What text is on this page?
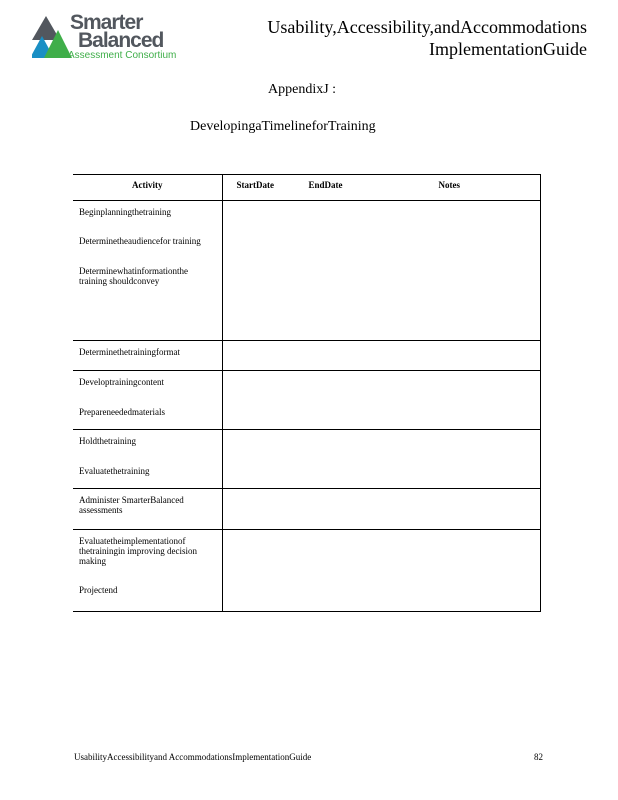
Smarter
Balanced
Assessment Consortium
Usability,Accessibility,andAccommodations
ImplementationGuide
AppendixJ :
DevelopingaTimelineforTraining
Activity	StartDate EndDate Notes

Beginplanningthetraining
Determinetheaudiencefor training
Determinewhatinformationthe training shouldconvey	

Determinethetrainingformat	

Developtrainingcontent
Prepareneededmaterials	

Holdthetraining
Evaluatethetraining	

Administer SmarterBalanced assessments	

Evaluatetheimplementationof thetrainingin improving decision making
Projectend	

UsabilityAccessibilityand AccommodationsImplementationGuide	82
